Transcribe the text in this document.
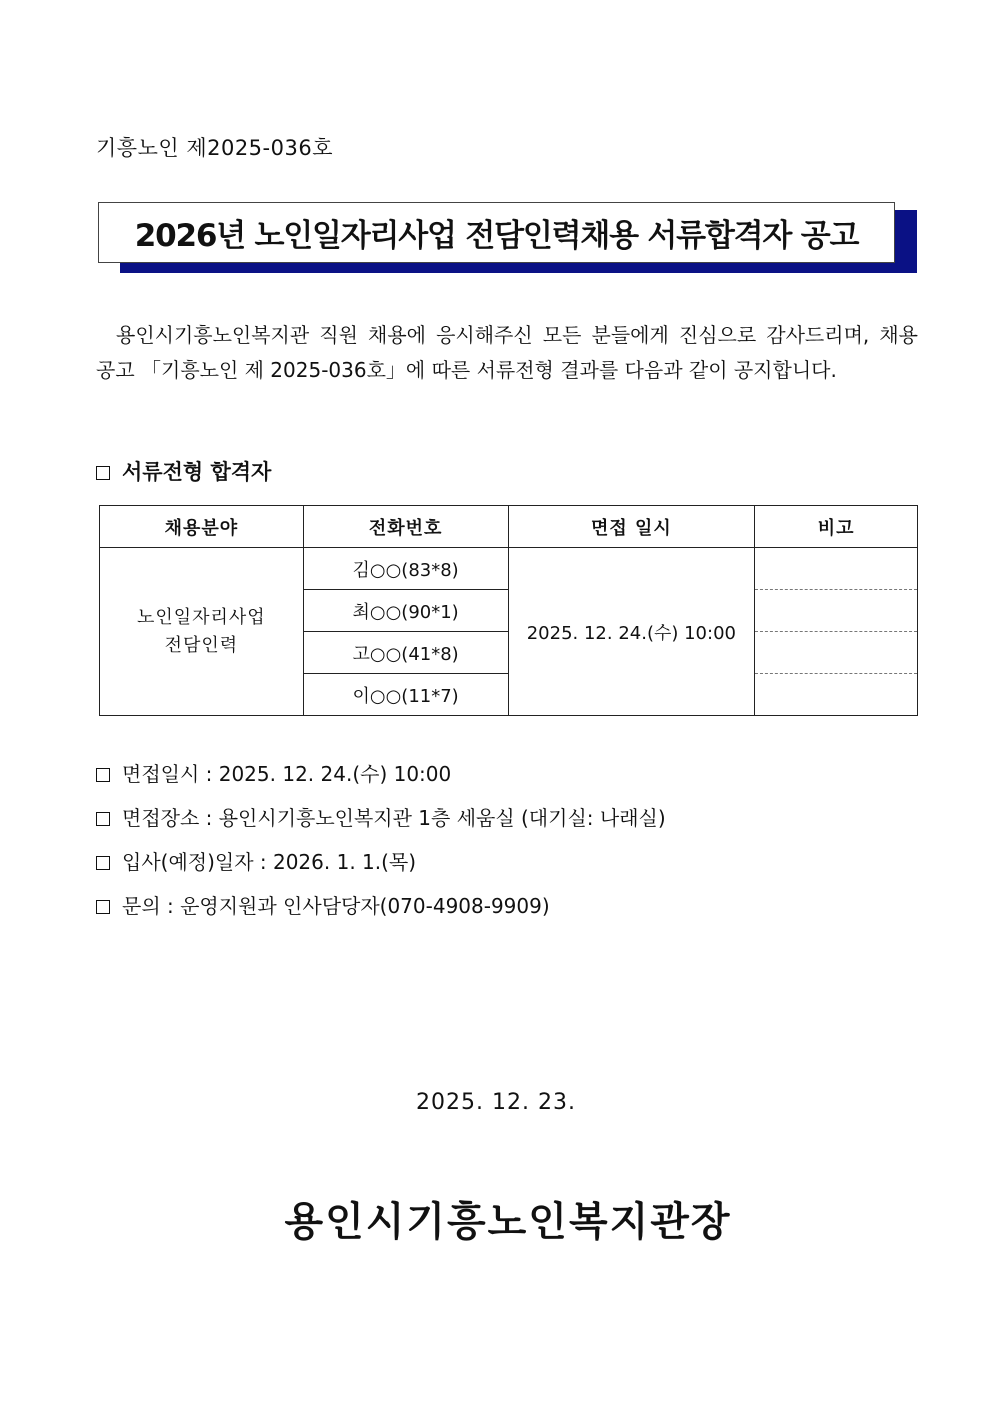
기흥노인 제2025-036호
2026년 노인일자리사업 전담인력채용 서류합격자 공고
용인시기흥노인복지관 직원 채용에 응시해주신 모든 분들에게 진심으로 감사드리며, 채용
공고 「기흥노인 제 2025-036호」에 따른 서류전형 결과를 다음과 같이 공지합니다.
서류전형 합격자
채용분야	전화번호	면접 일시	비고

노인일자리사업
전담인력	김○○(83*8)	2025. 12. 24.(수) 10:00	
	최○○(90*1)		
	고○○(41*8)		
	이○○(11*7)		
면접일시 : 2025. 12. 24.(수) 10:00
면접장소 : 용인시기흥노인복지관 1층 세움실 (대기실: 나래실)
입사(예정)일자 : 2026. 1. 1.(목)
문의 : 운영지원과 인사담당자(070-4908-9909)
2025. 12. 23.
용인시기흥노인복지관장
